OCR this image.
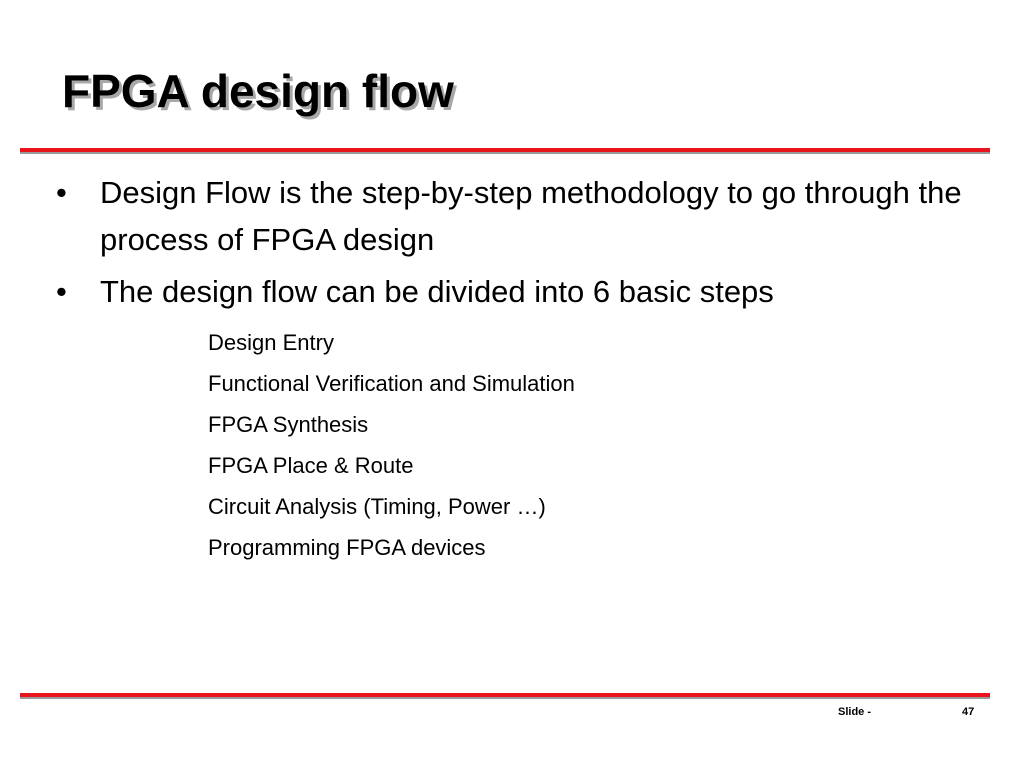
FPGA design flow
•	Design Flow is the step-by-step methodology to go through the process of FPGA design
•	The design flow can be divided into 6 basic steps
Design Entry
Functional Verification and Simulation
FPGA Synthesis
FPGA Place & Route
Circuit Analysis (Timing, Power …)
Programming FPGA devices
Slide -	47
